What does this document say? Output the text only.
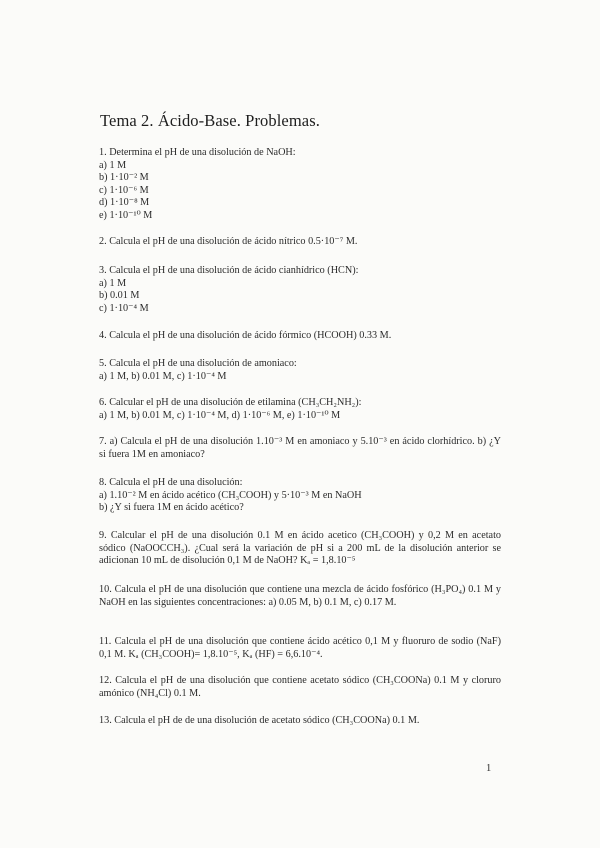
Tema 2. Ácido-Base. Problemas.
1. Determina el pH de una disolución de NaOH:
a) 1 M
b) 1·10⁻² M
c) 1·10⁻⁶ M
d) 1·10⁻⁸ M
e) 1·10⁻¹⁰ M
2. Calcula el pH de una disolución de ácido nítrico 0.5·10⁻⁷ M.
3. Calcula el pH de una disolución de ácido cianhídrico (HCN):
a) 1 M
b) 0.01 M
c) 1·10⁻⁴ M
4. Calcula el pH de una disolución de ácido fórmico (HCOOH) 0.33 M.
5. Calcula el pH de una disolución de amoniaco:
a) 1 M, b) 0.01 M, c) 1·10⁻⁴ M
6. Calcular el pH de una disolución de etilamina (CH₃CH₂NH₂):
a) 1 M, b) 0.01 M, c) 1·10⁻⁴ M, d) 1·10⁻⁶ M, e) 1·10⁻¹⁰ M
7. a) Calcula el pH de una disolución 1.10⁻³ M en amoniaco y 5.10⁻³ en ácido clorhídrico. b) ¿Y si fuera 1M en amoniaco?
8. Calcula el pH de una disolución:
a) 1.10⁻² M en ácido acético (CH₃COOH) y 5·10⁻³ M en NaOH
b) ¿Y si fuera 1M en ácido acético?
9. Calcular el pH de una disolución 0.1 M en ácido acetico (CH₃COOH) y 0,2 M en acetato sódico (NaOOCCH₃). ¿Cual será la variación de pH si a 200 mL de la disolución anterior se adicionan 10 mL de disolución 0,1 M de NaOH? Kₐ = 1,8.10⁻⁵
10. Calcula el pH de una disolución que contiene una mezcla de ácido fosfórico (H₃PO₄) 0.1 M y NaOH en las siguientes concentraciones: a) 0.05 M, b) 0.1 M, c) 0.17 M.
11. Calcula el pH de una disolución que contiene ácido acético 0,1 M y fluoruro de sodio (NaF) 0,1 M. Kₐ (CH₃COOH)= 1,8.10⁻⁵, Kₐ (HF) = 6,6.10⁻⁴.
12. Calcula el pH de una disolución que contiene acetato sódico (CH₃COONa) 0.1 M y cloruro amónico (NH₄Cl) 0.1 M.
13. Calcula el pH de de una disolución de acetato sódico (CH₃COONa) 0.1 M.
1
